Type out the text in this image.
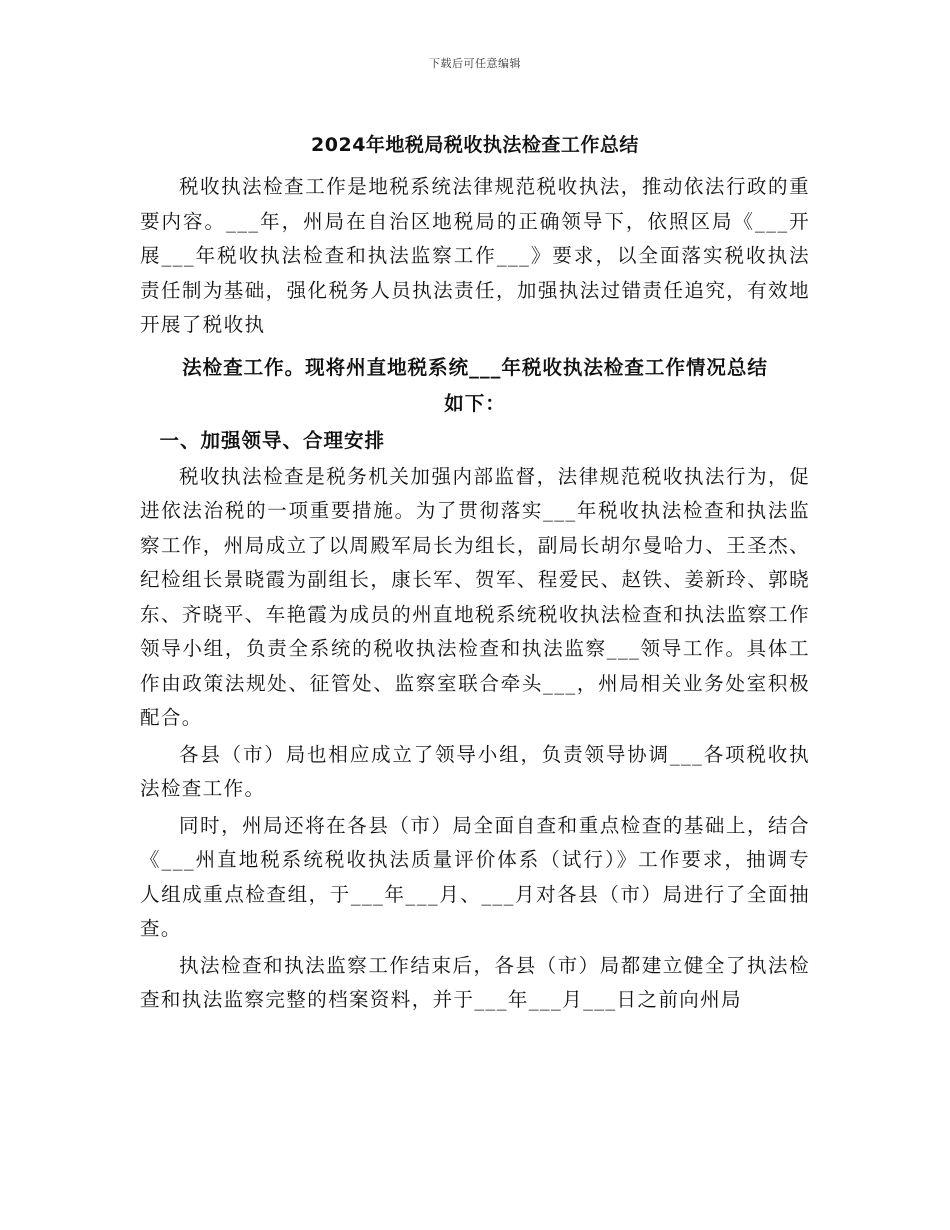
下载后可任意编辑
2024年地税局税收执法检查工作总结

税收执法检查工作是地税系统法律规范税收执法，推动依法行政的重要内容。___年，州局在自治区地税局的正确领导下，依照区局《___开展___年税收执法检查和执法监察工作___》要求，以全面落实税收执法责任制为基础，强化税务人员执法责任，加强执法过错责任追究，有效地开展了税收执

法检查工作。现将州直地税系统___年税收执法检查工作情况总结

如下：

一、加强领导、合理安排

税收执法检查是税务机关加强内部监督，法律规范税收执法行为，促进依法治税的一项重要措施。为了贯彻落实___年税收执法检查和执法监察工作，州局成立了以周殿军局长为组长，副局长胡尔曼哈力、王圣杰、纪检组长景晓霞为副组长，康长军、贺军、程爱民、赵铁、姜新玲、郭晓东、齐晓平、车艳霞为成员的州直地税系统税收执法检查和执法监察工作领导小组，负责全系统的税收执法检查和执法监察___领导工作。具体工作由政策法规处、征管处、监察室联合牵头___，州局相关业务处室积极配合。

各县（市）局也相应成立了领导小组，负责领导协调___各项税收执法检查工作。

同时，州局还将在各县（市）局全面自查和重点检查的基础上，结合《___州直地税系统税收执法质量评价体系（试行）》工作要求，抽调专人组成重点检查组，于___年___月、___月对各县（市）局进行了全面抽查。

执法检查和执法监察工作结束后，各县（市）局都建立健全了执法检查和执法监察完整的档案资料，并于___年___月___日之前向州局
